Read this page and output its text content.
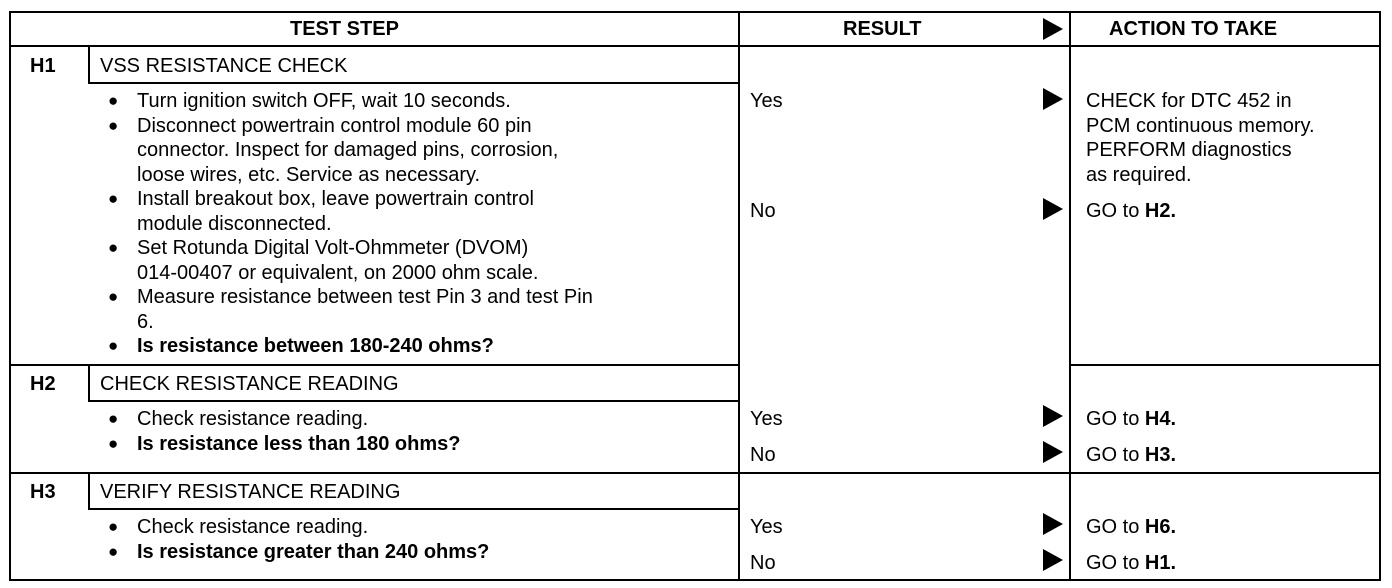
TEST STEP	RESULT	ACTION TO TAKE
H1 VSS RESISTANCE CHECK
● Turn ignition switch OFF, wait 10 seconds.
● Disconnect powertrain control module 60 pin
connector. Inspect for damaged pins, corrosion,
loose wires, etc. Service as necessary.
● Install breakout box, leave powertrain control
module disconnected.
● Set Rotunda Digital Volt-Ohmmeter (DVOM)
014-00407 or equivalent, on 2000 ohm scale.
● Measure resistance between test Pin 3 and test Pin
6.
● Is resistance between 180-240 ohms?
Yes	CHECK for DTC 452 in
PCM continuous memory.
PERFORM diagnostics
as required.
No	GO to H2.
H2 CHECK RESISTANCE READING
● Check resistance reading.
● Is resistance less than 180 ohms?
Yes	GO to H4.
No	GO to H3.
H3 VERIFY RESISTANCE READING
● Check resistance reading.
● Is resistance greater than 240 ohms?
Yes	GO to H6.
No	GO to H1.
